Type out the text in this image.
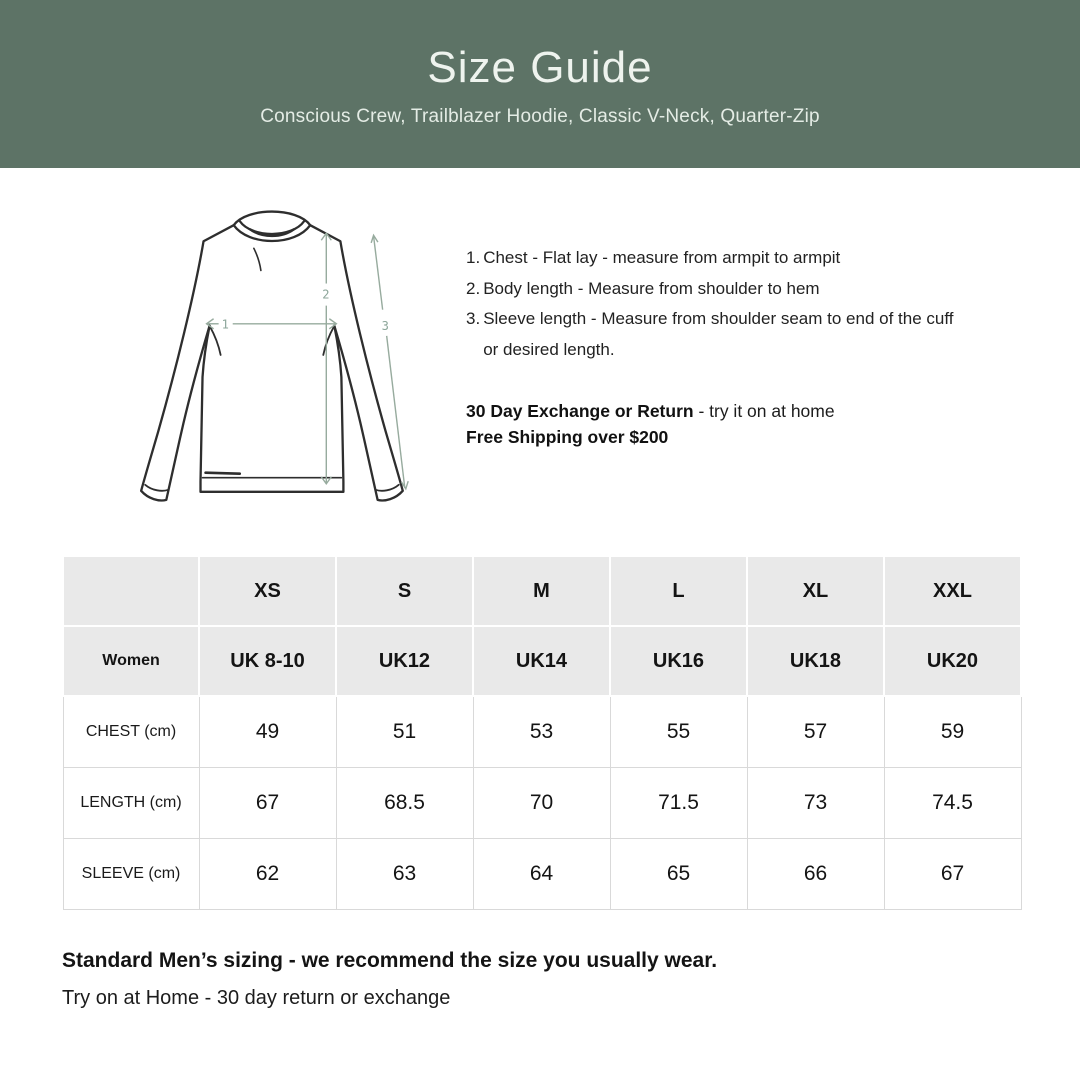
Size Guide
Conscious Crew, Trailblazer Hoodie, Classic V-Neck, Quarter-Zip
1
2
3
1. Chest - Flat lay - measure from armpit to armpit
2. Body length - Measure from shoulder to hem
3. Sleeve length - Measure from shoulder seam to end of the cuff or desired length.
30 Day Exchange or Return - try it on at home
Free Shipping over $200
	XS	S	M	L	XL	XXL
Women	UK 8-10	UK12	UK14	UK16	UK18	UK20
CHEST (cm)	49	51	53	55	57	59
LENGTH (cm)	67	68.5	70	71.5	73	74.5
SLEEVE (cm)	62	63	64	65	66	67
Standard Men’s sizing - we recommend the size you usually wear.
Try on at Home - 30 day return or exchange
